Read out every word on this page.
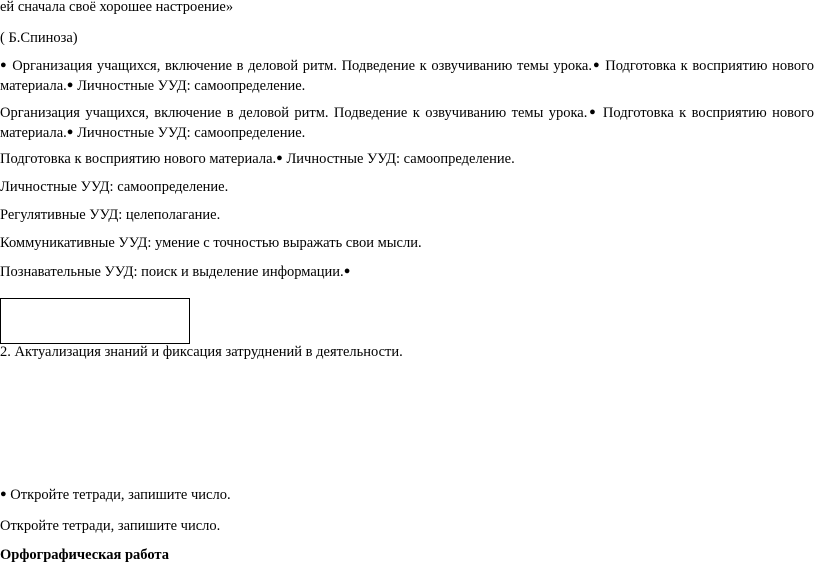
ей сначала своё хорошее настроение»
( Б.Спиноза)
● Организация учащихся, включение в деловой ритм. Подведение к озвучиванию темы урока.● Подготовка к восприятию нового материала.● Личностные УУД: самоопределение.
Организация учащихся, включение в деловой ритм. Подведение к озвучиванию темы урока.● Подготовка к восприятию нового материала.● Личностные УУД: самоопределение.
Подготовка к восприятию нового материала.● Личностные УУД: самоопределение.
Личностные УУД: самоопределение.
Регулятивные УУД: целеполагание.
Коммуникативные УУД: умение с точностью выражать свои мысли.
Познавательные УУД: поиск и выделение информации.●
2. Актуализация знаний и фиксация затруднений в деятельности.
● Откройте тетради, запишите число.
Откройте тетради, запишите число.
Орфографическая работа
